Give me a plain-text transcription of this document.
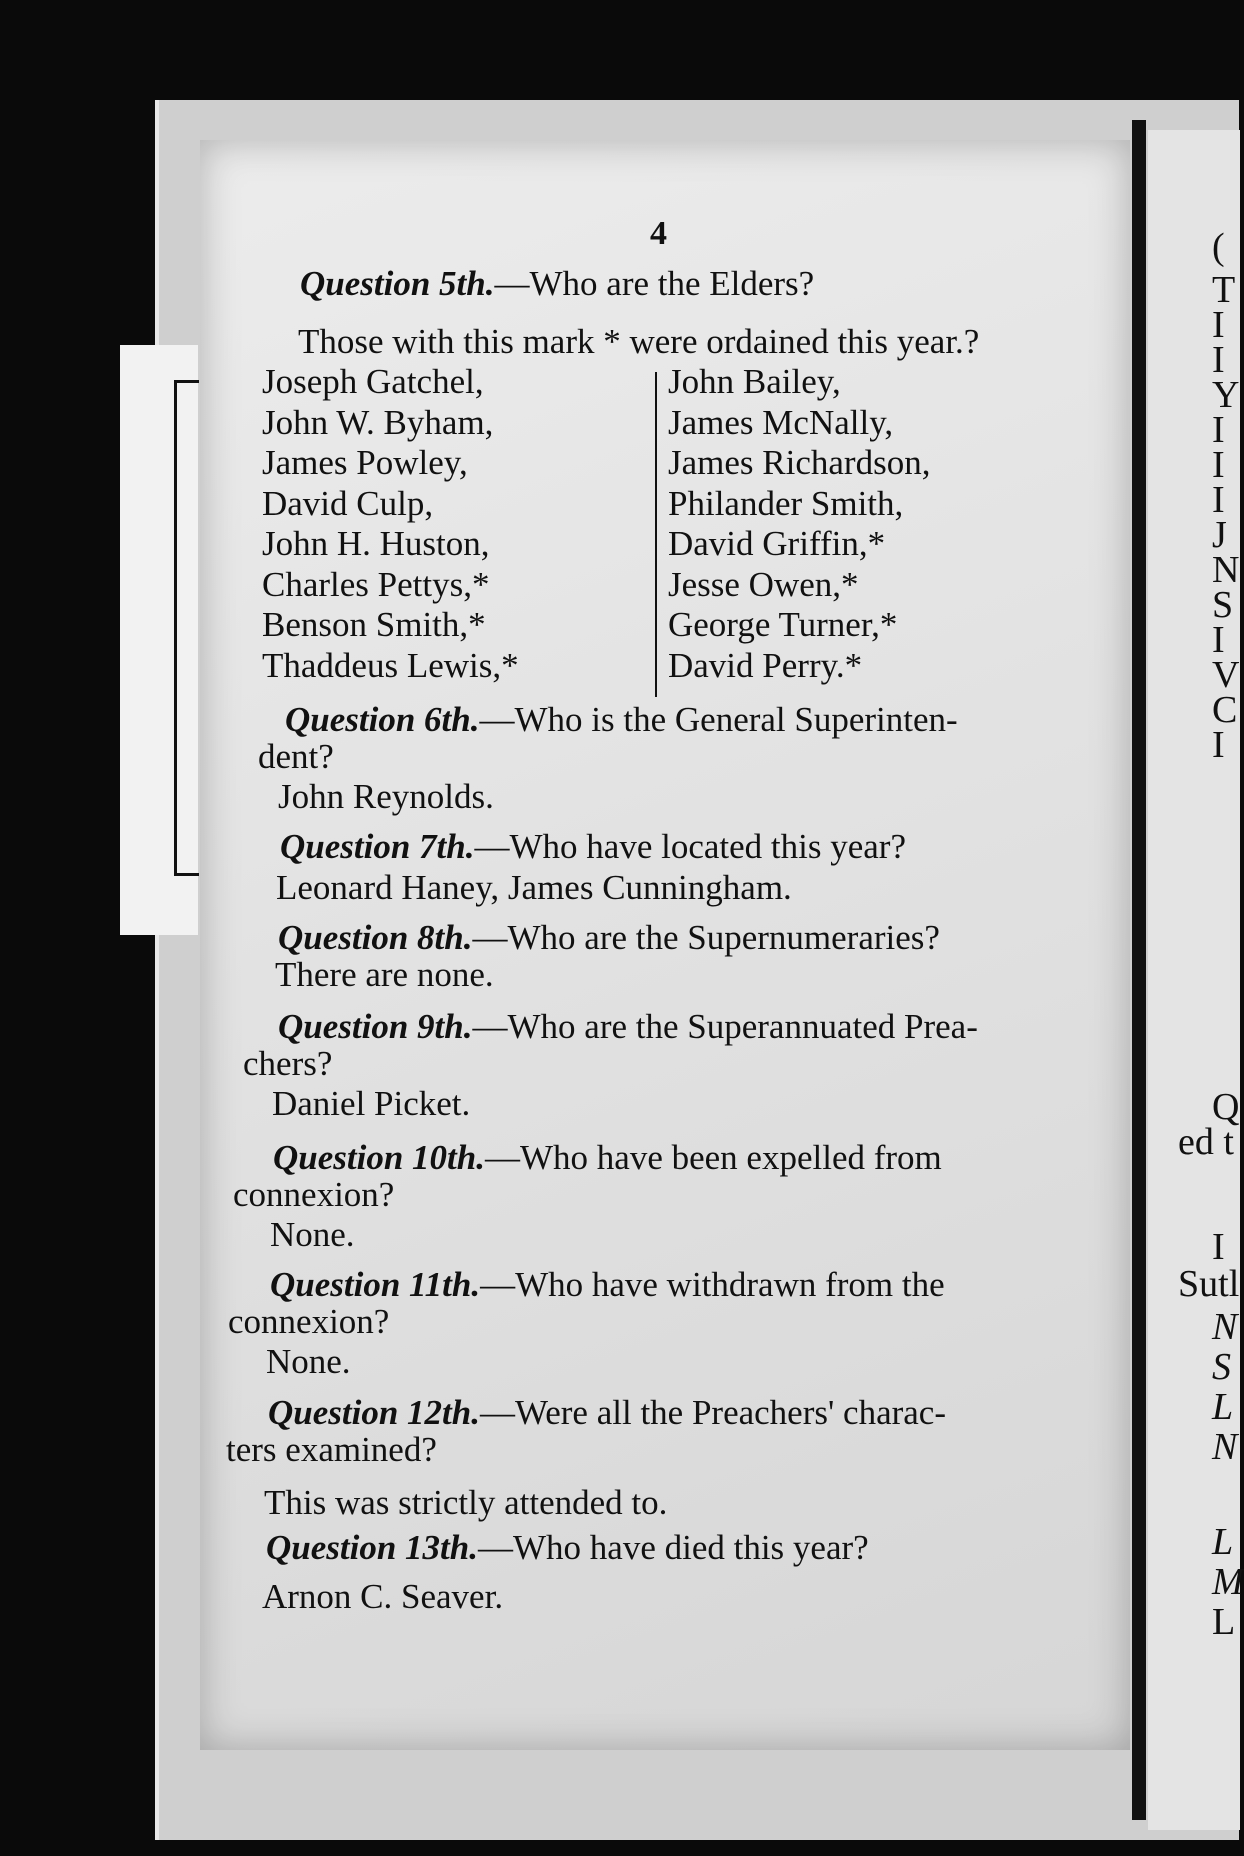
(
T
I
I
Y
I
I
I
J
N
S
I
V
C
I
Q
ed t
I
Sutl
N
S
L
N
L
M
L
4
Question 5th.—Who are the Elders?
Those with this mark * were ordained this year.?
Joseph Gatchel,
John W. Byham,
James Powley,
David Culp,
John H. Huston,
Charles Pettys,*
Benson Smith,*
Thaddeus Lewis,*
John Bailey,
James McNally,
James Richardson,
Philander Smith,
David Griffin,*
Jesse Owen,*
George Turner,*
David Perry.*
Question 6th.—Who is the General Superinten-
dent?
John Reynolds.
Question 7th.—Who have located this year?
Leonard Haney, James Cunningham.
Question 8th.—Who are the Supernumeraries?
There are none.
Question 9th.—Who are the Superannuated Prea-
chers?
Daniel Picket.
Question 10th.—Who have been expelled from
connexion?
None.
Question 11th.—Who have withdrawn from the
connexion?
None.
Question 12th.—Were all the Preachers' charac-
ters examined?
This was strictly attended to.
Question 13th.—Who have died this year?
Arnon C. Seaver.
